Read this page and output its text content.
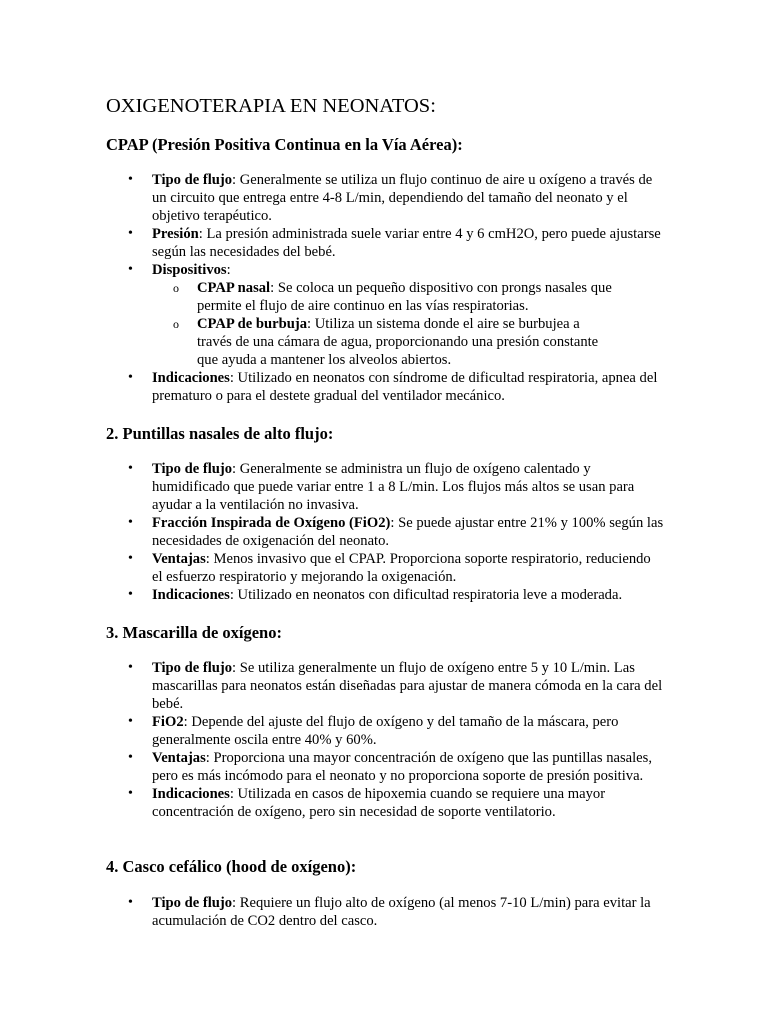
OXIGENOTERAPIA EN NEONATOS:
CPAP (Presión Positiva Continua en la Vía Aérea):
• Tipo de flujo: Generalmente se utiliza un flujo continuo de aire u oxígeno a través de un circuito que entrega entre 4-8 L/min, dependiendo del tamaño del neonato y el objetivo terapéutico.
• Presión: La presión administrada suele variar entre 4 y 6 cmH2O, pero puede ajustarse según las necesidades del bebé.
• Dispositivos:
o CPAP nasal: Se coloca un pequeño dispositivo con prongs nasales que permite el flujo de aire continuo en las vías respiratorias.
o CPAP de burbuja: Utiliza un sistema donde el aire se burbujea a través de una cámara de agua, proporcionando una presión constante que ayuda a mantener los alveolos abiertos.
• Indicaciones: Utilizado en neonatos con síndrome de dificultad respiratoria, apnea del prematuro o para el destete gradual del ventilador mecánico.
2. Puntillas nasales de alto flujo:
• Tipo de flujo: Generalmente se administra un flujo de oxígeno calentado y humidificado que puede variar entre 1 a 8 L/min. Los flujos más altos se usan para ayudar a la ventilación no invasiva.
• Fracción Inspirada de Oxígeno (FiO2): Se puede ajustar entre 21% y 100% según las necesidades de oxigenación del neonato.
• Ventajas: Menos invasivo que el CPAP. Proporciona soporte respiratorio, reduciendo el esfuerzo respiratorio y mejorando la oxigenación.
• Indicaciones: Utilizado en neonatos con dificultad respiratoria leve a moderada.
3. Mascarilla de oxígeno:
• Tipo de flujo: Se utiliza generalmente un flujo de oxígeno entre 5 y 10 L/min. Las mascarillas para neonatos están diseñadas para ajustar de manera cómoda en la cara del bebé.
• FiO2: Depende del ajuste del flujo de oxígeno y del tamaño de la máscara, pero generalmente oscila entre 40% y 60%.
• Ventajas: Proporciona una mayor concentración de oxígeno que las puntillas nasales, pero es más incómodo para el neonato y no proporciona soporte de presión positiva.
• Indicaciones: Utilizada en casos de hipoxemia cuando se requiere una mayor concentración de oxígeno, pero sin necesidad de soporte ventilatorio.
4. Casco cefálico (hood de oxígeno):
• Tipo de flujo: Requiere un flujo alto de oxígeno (al menos 7-10 L/min) para evitar la acumulación de CO2 dentro del casco.
